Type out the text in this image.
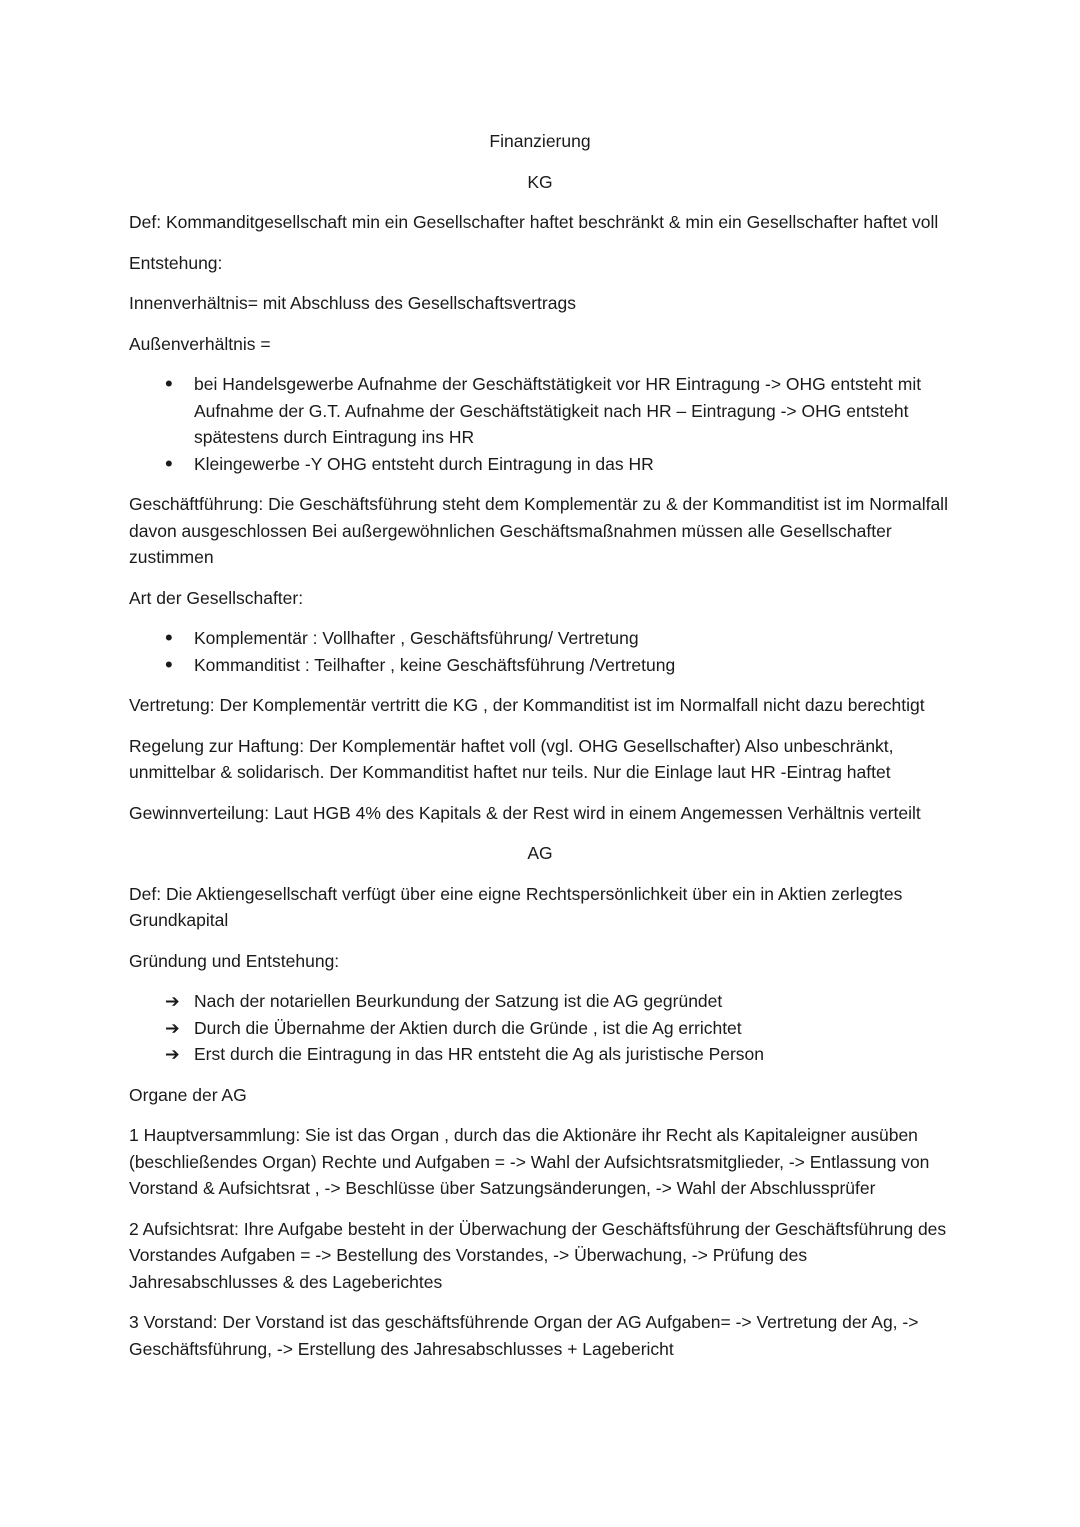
Finanzierung
KG

Def: Kommanditgesellschaft min ein Gesellschafter haftet beschränkt & min ein Gesellschafter haftet voll

Entstehung:

Innenverhältnis= mit Abschluss des Gesellschaftsvertrags

Außenverhältnis =

•
bei Handelsgewerbe Aufnahme der Geschäftstätigkeit vor HR Eintragung -> OHG entsteht mit Aufnahme der G.T. Aufnahme der Geschäftstätigkeit nach HR – Eintragung -> OHG entsteht spätestens durch Eintragung ins HR
•
Kleingewerbe -Y OHG entsteht durch Eintragung in das HR

Geschäftführung: Die Geschäftsführung steht dem Komplementär zu & der Kommanditist ist im Normalfall davon ausgeschlossen Bei außergewöhnlichen Geschäftsmaßnahmen müssen alle Gesellschafter zustimmen

Art der Gesellschafter:

•
Komplementär : Vollhafter , Geschäftsführung/ Vertretung
•
Kommanditist : Teilhafter , keine Geschäftsführung /Vertretung

Vertretung: Der Komplementär vertritt die KG , der Kommanditist ist im Normalfall nicht dazu berechtigt

Regelung zur Haftung: Der Komplementär haftet voll (vgl. OHG Gesellschafter) Also unbeschränkt, unmittelbar & solidarisch. Der Kommanditist haftet nur teils. Nur die Einlage laut HR -Eintrag haftet

Gewinnverteilung: Laut HGB 4% des Kapitals & der Rest wird in einem Angemessen Verhältnis verteilt

AG

Def: Die Aktiengesellschaft verfügt über eine eigne Rechtspersönlichkeit über ein in Aktien zerlegtes Grundkapital

Gründung und Entstehung:

➔ Nach der notariellen Beurkundung der Satzung ist die AG gegründet
➔ Durch die Übernahme der Aktien durch die Gründe , ist die Ag errichtet
➔ Erst durch die Eintragung in das HR entsteht die Ag als juristische Person

Organe der AG

1 Hauptversammlung: Sie ist das Organ , durch das die Aktionäre ihr Recht als Kapitaleigner ausüben (beschließendes Organ) Rechte und Aufgaben = -> Wahl der Aufsichtsratsmitglieder, -> Entlassung von Vorstand & Aufsichtsrat , -> Beschlüsse über Satzungsänderungen, -> Wahl der Abschlussprüfer

2 Aufsichtsrat: Ihre Aufgabe besteht in der Überwachung der Geschäftsführung der Geschäftsführung des Vorstandes Aufgaben = -> Bestellung des Vorstandes, -> Überwachung, -> Prüfung des Jahresabschlusses & des Lageberichtes

3 Vorstand: Der Vorstand ist das geschäftsführende Organ der AG Aufgaben= -> Vertretung der Ag, -> Geschäftsführung, -> Erstellung des Jahresabschlusses + Lagebericht
